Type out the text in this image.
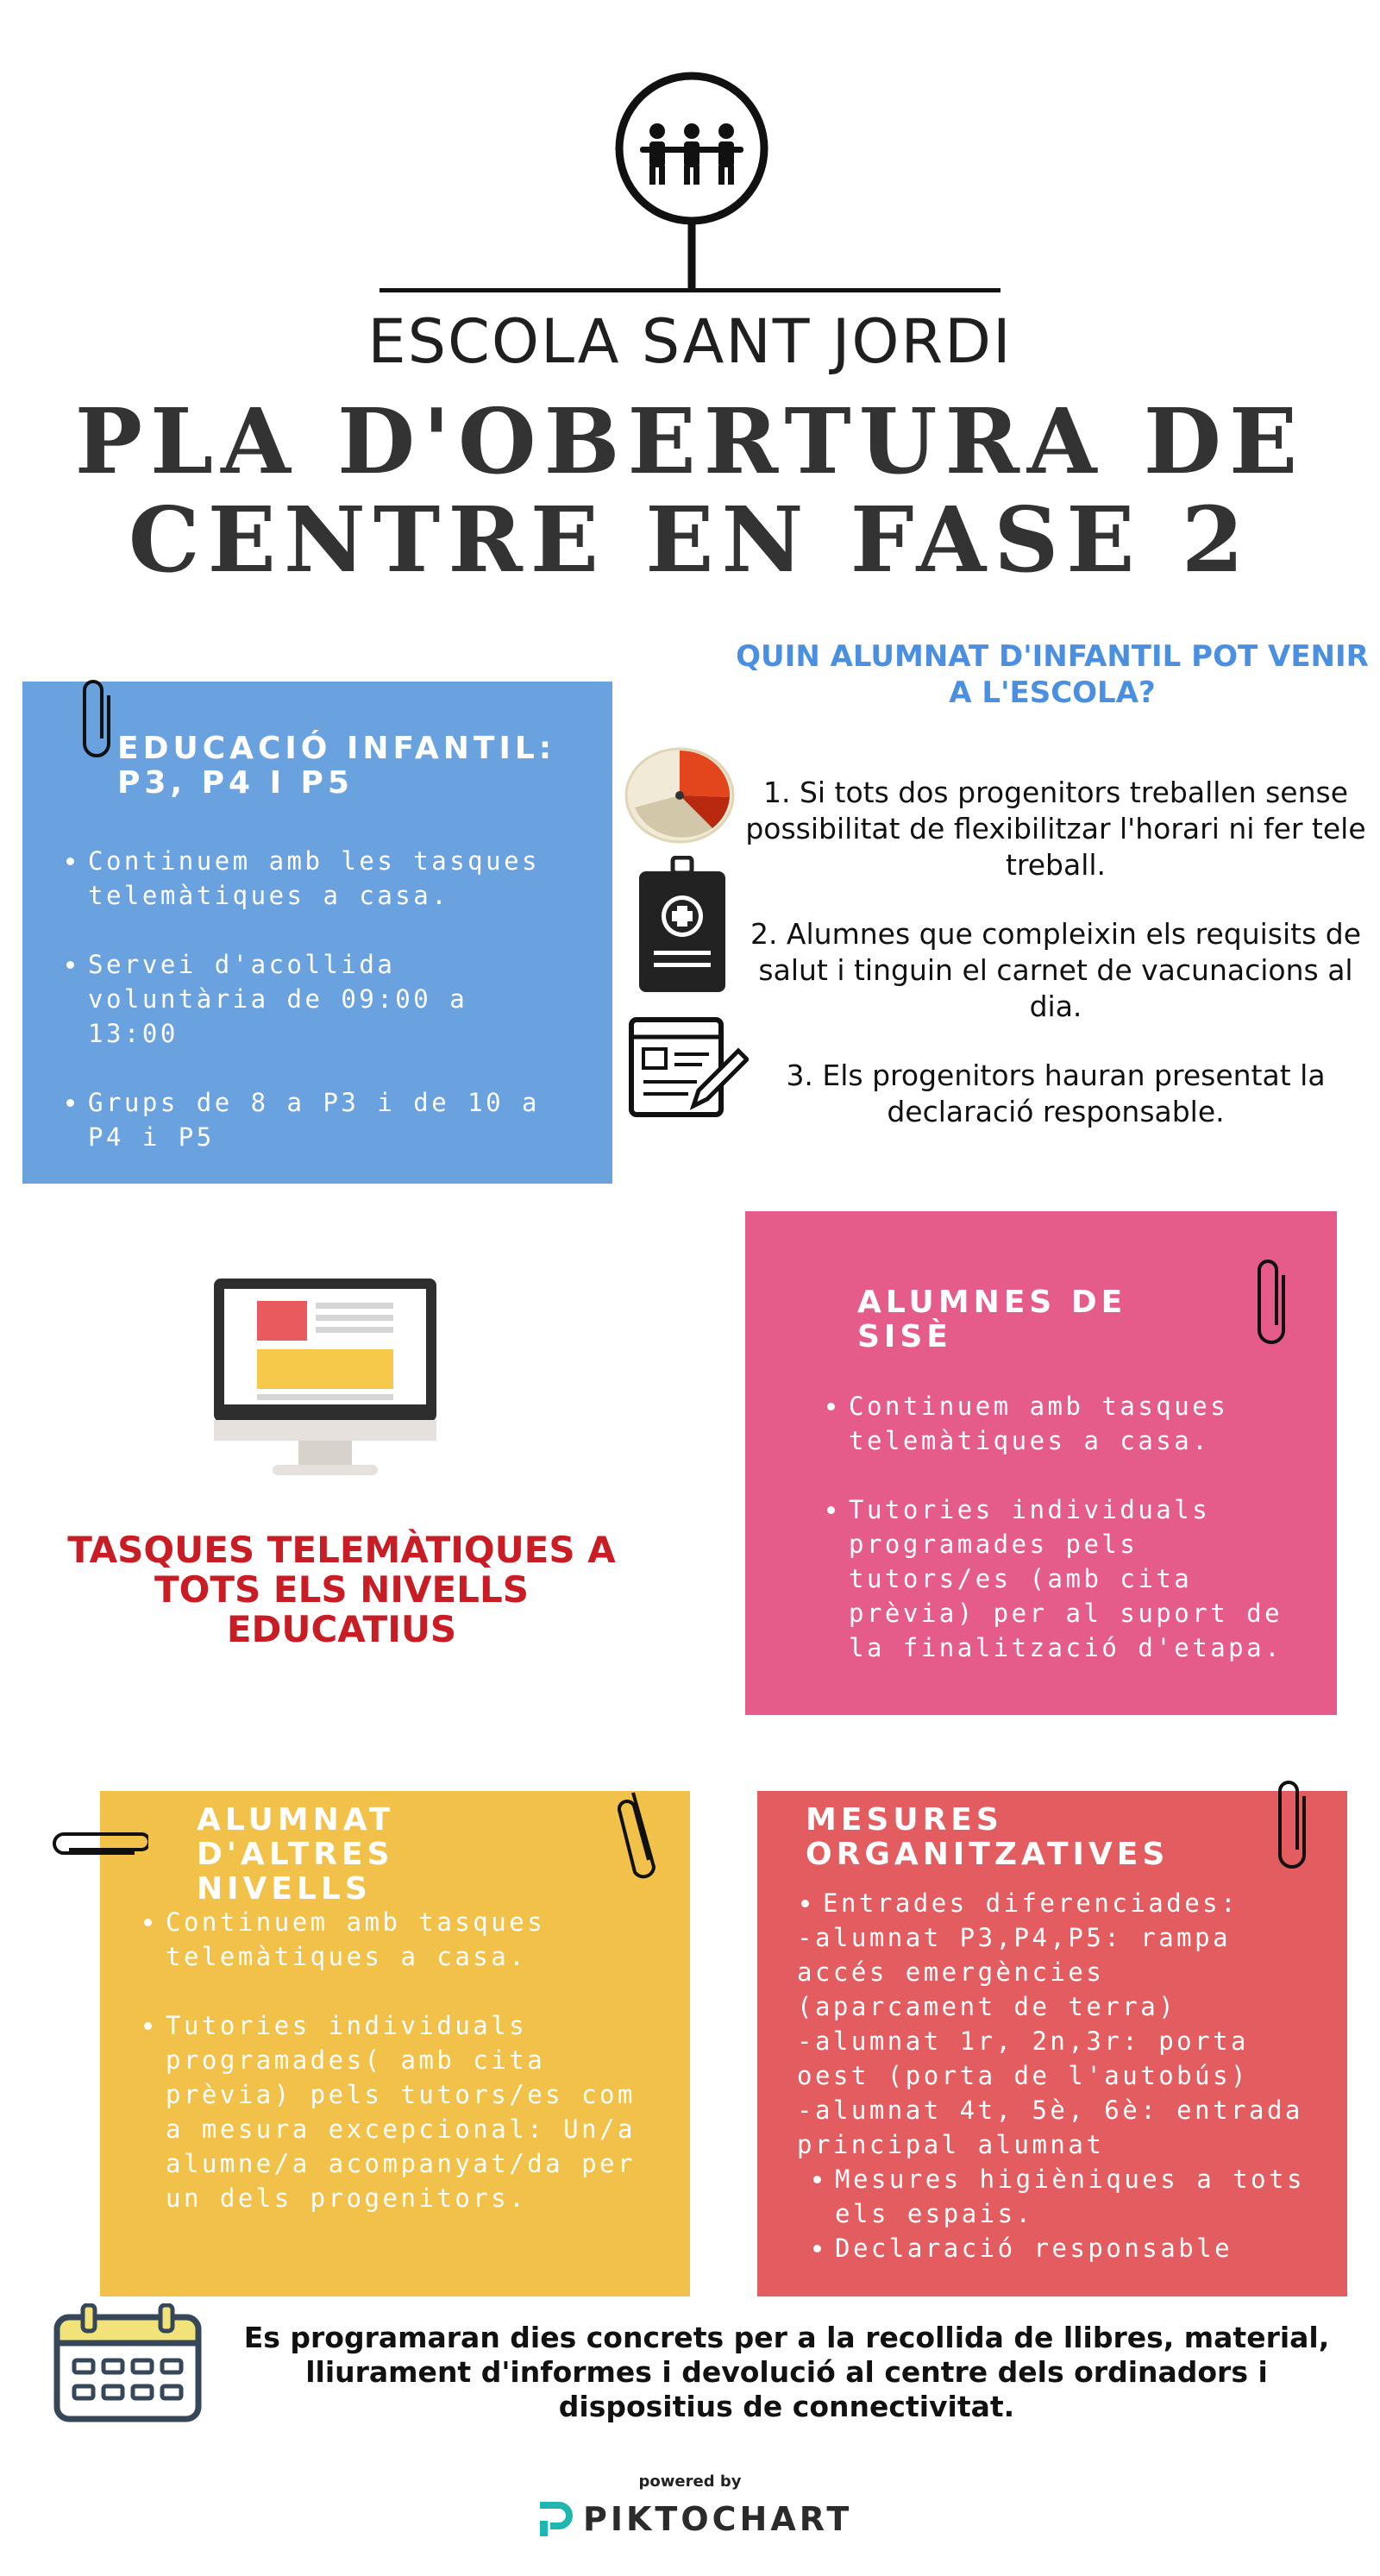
ESCOLA SANT JORDI
PLA D'OBERTURA DE
CENTRE EN FASE 2
EDUCACIÓ INFANTIL:
P3, P4 I P5
• Continuem amb les tasques telemàtiques a casa.
• Servei d'acollida voluntària de 09:00 a 13:00
• Grups de 8 a P3 i de 10 a P4 i P5
QUIN ALUMNAT D'INFANTIL POT VENIR A L'ESCOLA?
1. Si tots dos progenitors treballen sense possibilitat de flexibilitzar l'horari ni fer tele treball.
2. Alumnes que compleixin els requisits de salut i tinguin el carnet de vacunacions al dia.
3. Els progenitors hauran presentat la declaració responsable.
TASQUES TELEMÀTIQUES A TOTS ELS NIVELLS EDUCATIUS
ALUMNES DE SISÈ
• Continuem amb tasques telemàtiques a casa.
• Tutories individuals programades pels tutors/es (amb cita prèvia) per al suport de la finalització d'etapa.
ALUMNAT D'ALTRES NIVELLS
• Continuem amb tasques telemàtiques a casa.
• Tutories individuals programades( amb cita prèvia) pels tutors/es com a mesura excepcional: Un/a alumne/a acompanyat/da per un dels progenitors.
MESURES ORGANITZATIVES
• Entrades diferenciades:
-alumnat P3,P4,P5: rampa accés emergències (aparcament de terra)
-alumnat 1r, 2n,3r: porta oest (porta de l'autobús)
-alumnat 4t, 5è, 6è: entrada principal alumnat
• Mesures higièniques a tots els espais.
• Declaració responsable
Es programaran dies concrets per a la recollida de llibres, material, lliurament d'informes i devolució al centre dels ordinadors i dispositius de connectivitat.
powered by
PIKTOCHART
